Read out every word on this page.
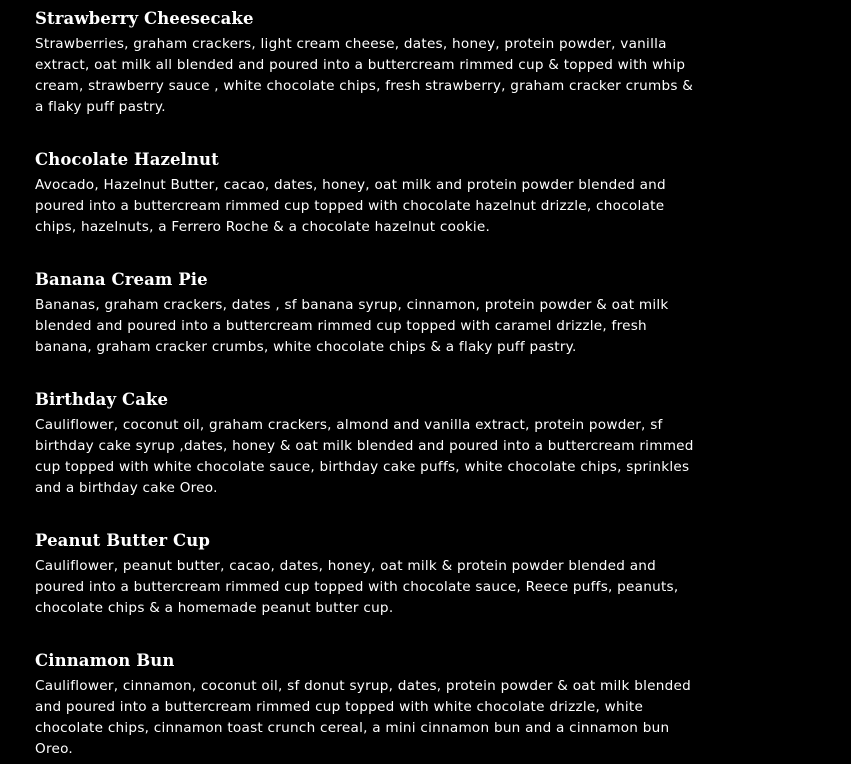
Strawberry Cheesecake

Strawberries, graham crackers, light cream cheese, dates, honey, protein powder, vanilla extract, oat milk all blended and poured into a buttercream rimmed cup & topped with whip cream, strawberry sauce , white chocolate chips, fresh strawberry, graham cracker crumbs & a flaky puff pastry.

Chocolate Hazelnut

Avocado, Hazelnut Butter, cacao, dates, honey, oat milk and protein powder blended and poured into a buttercream rimmed cup topped with chocolate hazelnut drizzle, chocolate chips, hazelnuts, a Ferrero Roche & a chocolate hazelnut cookie.

Banana Cream Pie

Bananas, graham crackers, dates , sf banana syrup, cinnamon, protein powder & oat milk blended and poured into a buttercream rimmed cup topped with caramel drizzle, fresh banana, graham cracker crumbs, white chocolate chips & a flaky puff pastry.

Birthday Cake

Cauliflower, coconut oil, graham crackers, almond and vanilla extract, protein powder, sf birthday cake syrup ,dates, honey & oat milk blended and poured into a buttercream rimmed cup topped with white chocolate sauce, birthday cake puffs, white chocolate chips, sprinkles and a birthday cake Oreo.

Peanut Butter Cup

Cauliflower, peanut butter, cacao, dates, honey, oat milk & protein powder blended and poured into a buttercream rimmed cup topped with chocolate sauce, Reece puffs, peanuts, chocolate chips & a homemade peanut butter cup.

Cinnamon Bun

Cauliflower, cinnamon, coconut oil, sf donut syrup, dates, protein powder & oat milk blended and poured into a buttercream rimmed cup topped with white chocolate drizzle, white chocolate chips, cinnamon toast crunch cereal, a mini cinnamon bun and a cinnamon bun Oreo.
